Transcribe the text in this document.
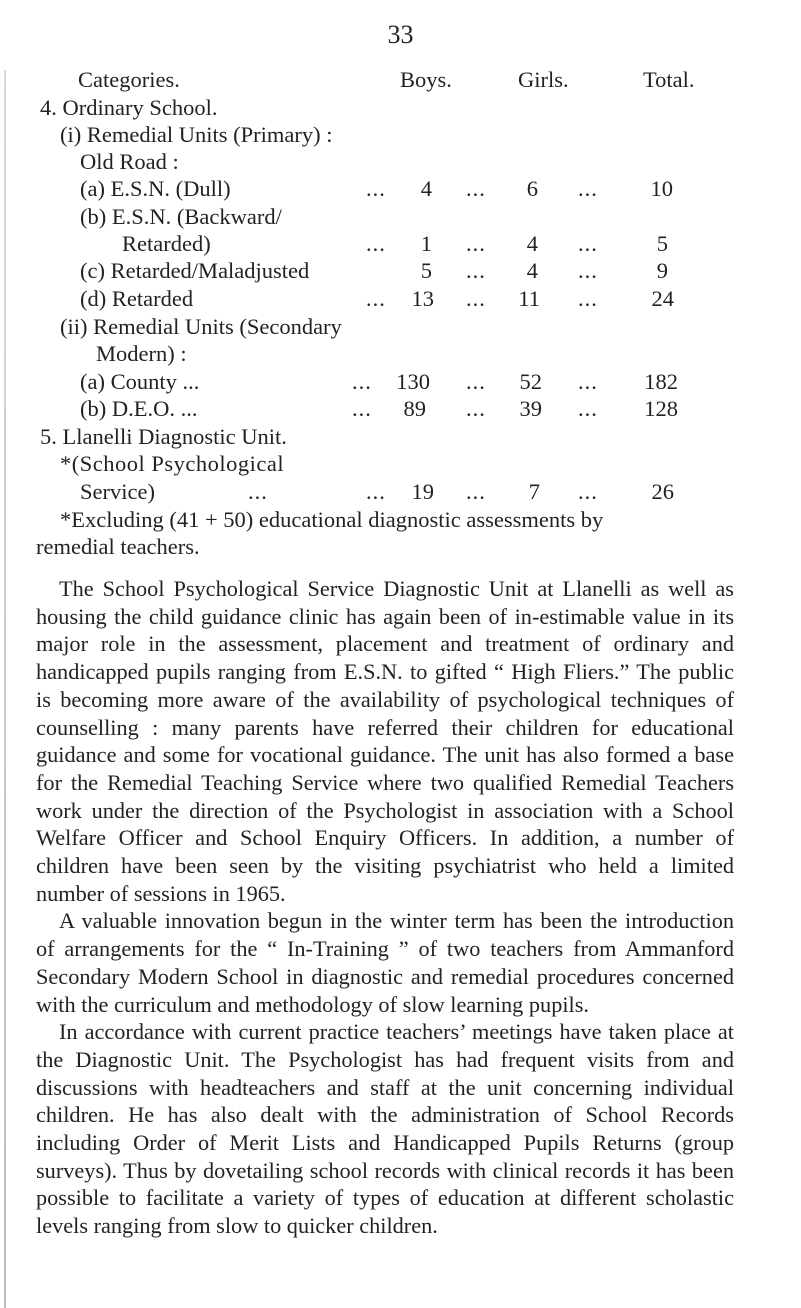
33
Categories.	Boys.	Girls.	Total.
4. Ordinary School.
(i) Remedial Units (Primary) :
Old Road :
(a) E.S.N. (Dull)	...	4 ...	6 ...	10
(b) E.S.N. (Backward/
Retarded)	...	1 ...	4 ...	5
(c) Retarded/Maladjusted	5 ...	4 ...	9
(d) Retarded	...	13 ...	11 ...	24
(ii) Remedial Units (Secondary
Modern) :
(a) County ...	...	130 ...	52 ...	182
(b) D.E.O. ...	...	89 ...	39 ...	128
5. Llanelli Diagnostic Unit.
*(School Psychological
Service)	...	...	19 ...	7 ...	26
*Excluding (41 + 50) educational diagnostic assessments by
remedial teachers.

The School Psychological Service Diagnostic Unit at Llanelli as well as housing the child guidance clinic has again been of in-estimable value in its major role in the assessment, placement and treatment of ordinary and handicapped pupils ranging from E.S.N. to gifted “ High Fliers.” The public is becoming more aware of the availability of psychological techniques of counselling : many parents have referred their children for educational guidance and some for vocational guidance. The unit has also formed a base for the Remedial Teaching Service where two qualified Remedial Teachers work under the direction of the Psychologist in association with a School Welfare Officer and School Enquiry Officers. In addition, a number of children have been seen by the visiting psychiatrist who held a limited number of sessions in 1965.

A valuable innovation begun in the winter term has been the introduction of arrangements for the “ In-Training ” of two teachers from Ammanford Secondary Modern School in diagnostic and remedial procedures concerned with the curriculum and methodology of slow learning pupils.

In accordance with current practice teachers’ meetings have taken place at the Diagnostic Unit. The Psychologist has had frequent visits from and discussions with headteachers and staff at the unit concerning individual children. He has also dealt with the administration of School Records including Order of Merit Lists and Handicapped Pupils Returns (group surveys). Thus by dovetailing school records with clinical records it has been possible to facilitate a variety of types of education at different scholastic levels ranging from slow to quicker children.
